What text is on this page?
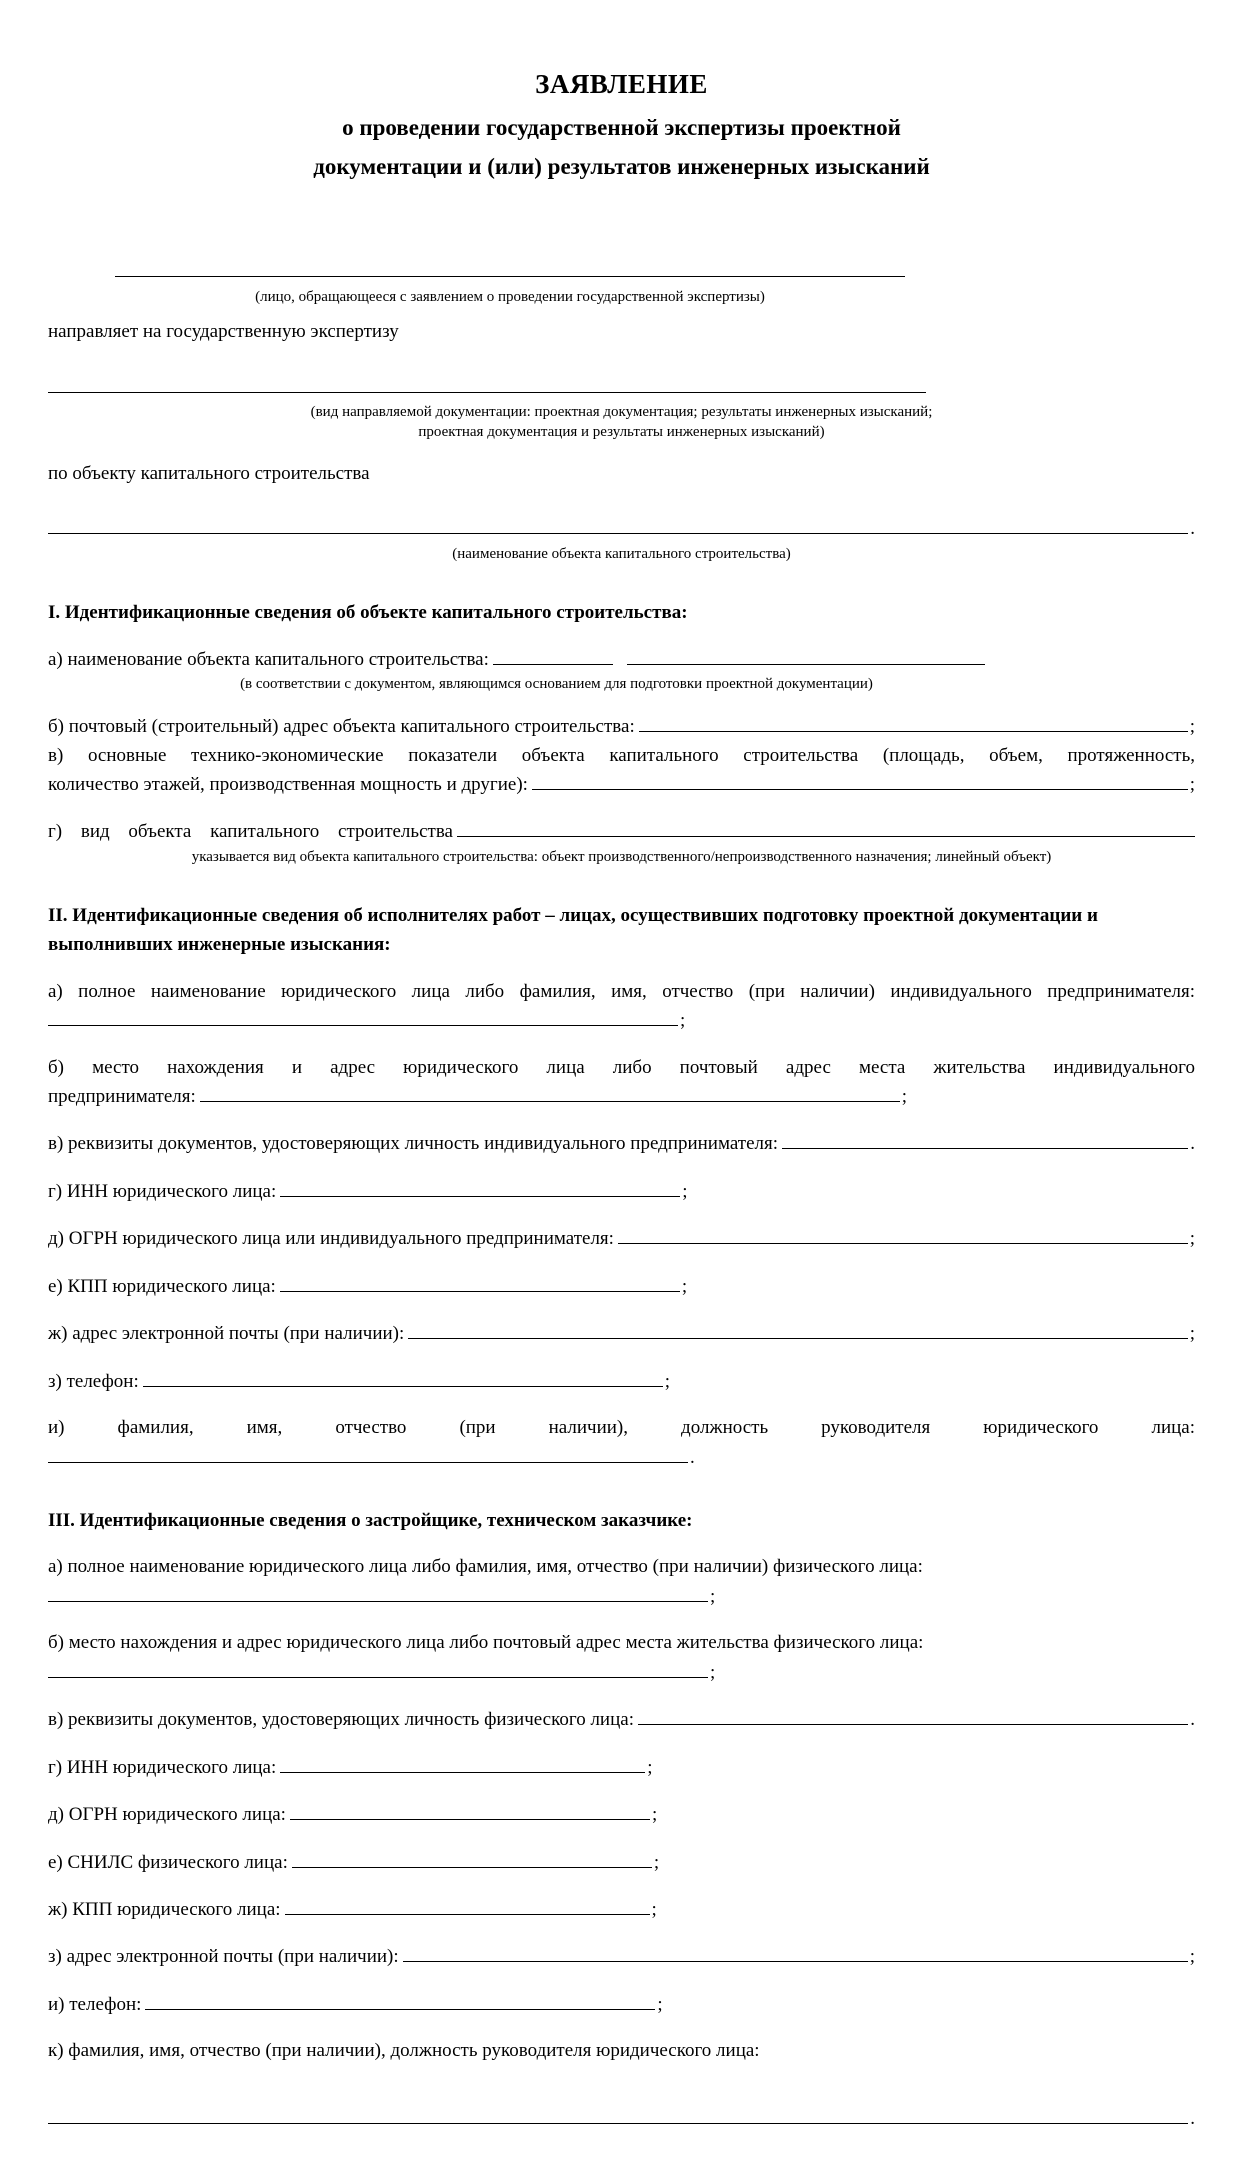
ЗАЯВЛЕНИЕ
о проведении государственной экспертизы проектной
документации и (или) результатов инженерных изысканий
(лицо, обращающееся с заявлением о проведении государственной экспертизы)
направляет на государственную экспертизу
(вид направляемой документации: проектная документация; результаты инженерных изысканий;
проектная документация и результаты инженерных изысканий)
по объекту капитального строительства
.
(наименование объекта капитального строительства)
I. Идентификационные сведения об объекте капитального строительства:
а) наименование объекта капитального строительства:
(в соответствии с документом, являющимся основанием для подготовки проектной документации)
б) почтовый (строительный) адрес объекта капитального строительства:	;
в) основные технико-экономические показатели объекта капитального строительства (площадь, объем, протяженность,
количество этажей, производственная мощность и другие):	;
г) вид объекта капитального строительства
указывается вид объекта капитального строительства: объект производственного/непроизводственного назначения; линейный объект)
II. Идентификационные сведения об исполнителях работ – лицах, осуществивших подготовку проектной документации и выполнивших инженерные изыскания:
а) полное наименование юридического лица либо фамилия, имя, отчество (при наличии) индивидуального предпринимателя:
;
б) место нахождения и адрес юридического лица либо почтовый адрес места жительства индивидуального
предпринимателя:	;
в) реквизиты документов, удостоверяющих личность индивидуального предпринимателя:	.
г) ИНН юридического лица:	;
д) ОГРН юридического лица или индивидуального предпринимателя:	;
е) КПП юридического лица:	;
ж) адрес электронной почты (при наличии):	;
з) телефон:	;
и) фамилия, имя, отчество (при наличии), должность руководителя юридического лица:
.
III. Идентификационные сведения о застройщике, техническом заказчике:
а) полное наименование юридического лица либо фамилия, имя, отчество (при наличии) физического лица:
;
б) место нахождения и адрес юридического лица либо почтовый адрес места жительства физического лица:
;
в) реквизиты документов, удостоверяющих личность физического лица:	.
г) ИНН юридического лица:	;
д) ОГРН юридического лица:	;
е) СНИЛС физического лица:	;
ж) КПП юридического лица:	;
з) адрес электронной почты (при наличии):	;
и) телефон:	;
к) фамилия, имя, отчество (при наличии), должность руководителя юридического лица:
.
